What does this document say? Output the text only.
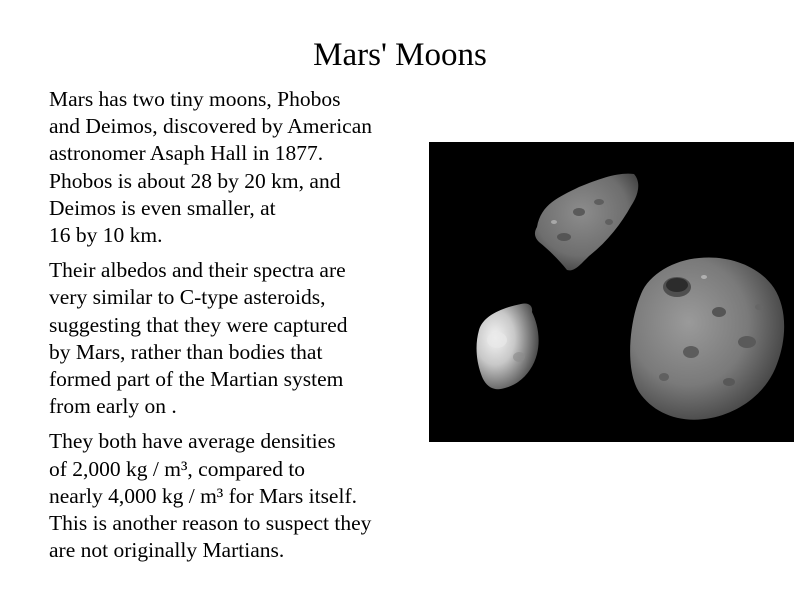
Mars' Moons

Mars has two tiny moons, Phobos
and Deimos, discovered by American
astronomer Asaph Hall in 1877.
Phobos is about 28 by 20 km, and
Deimos is even smaller, at
16 by 10 km.

Their albedos and their spectra are
very similar to C-type asteroids,
suggesting that they were captured
by Mars, rather than bodies that
formed part of the Martian system
from early on .

They both have average densities
of 2,000 kg / m³, compared to
nearly 4,000 kg / m³ for Mars itself.
This is another reason to suspect they
are not originally Martians.
